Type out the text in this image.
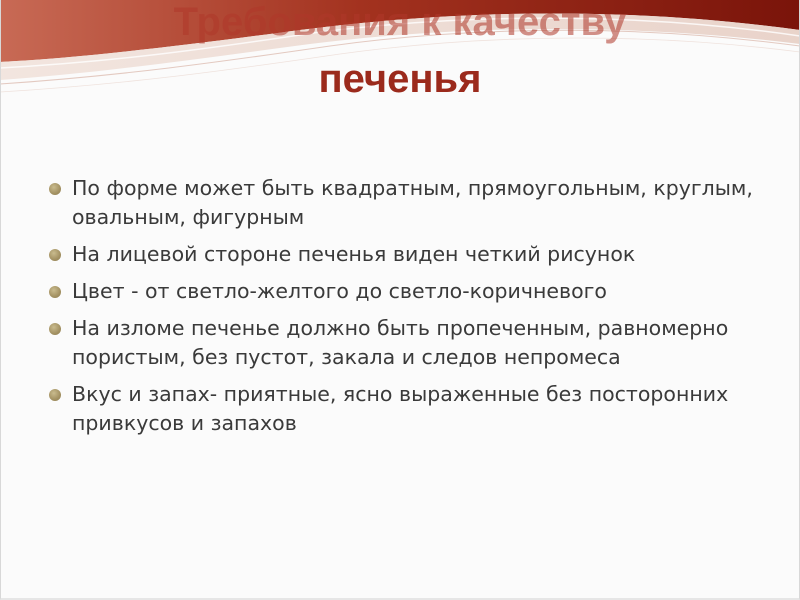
Требования к качеству
печенья
По форме может быть квадратным, прямоугольным, круглым, овальным, фигурным
На лицевой стороне печенья виден четкий рисунок
Цвет - от светло-желтого до светло-коричневого
На изломе печенье должно быть пропеченным, равномерно пористым, без пустот, закала и следов непромеса
Вкус и запах- приятные, ясно выраженные без посторонних привкусов и запахов
